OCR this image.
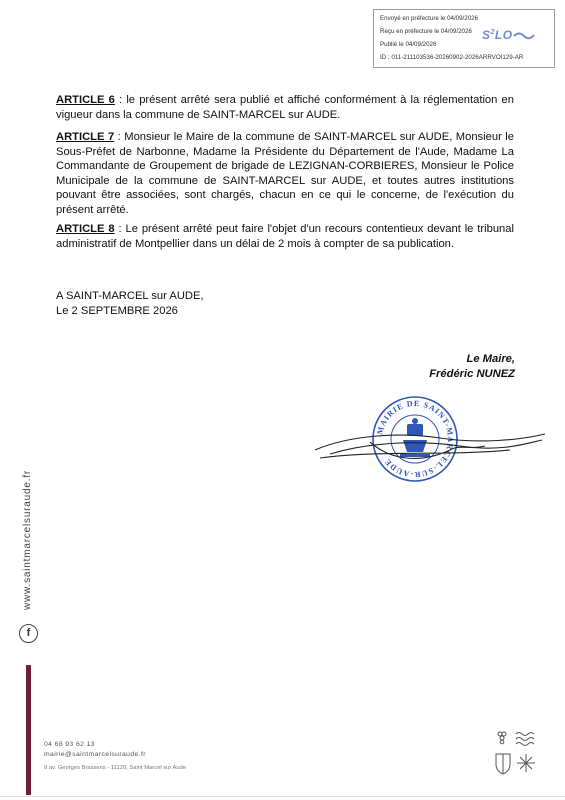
Envoyé en préfecture le 04/09/2026
Reçu en préfecture le 04/09/2026
Publié le 04/09/2026
ID : 011-211103536-20260902-2026ARRVOI129-AR
$S^2LO$
ARTICLE 6 : le présent arrêté sera publié et affiché conformément à la réglementation en vigueur dans la commune de SAINT-MARCEL sur AUDE.
ARTICLE 7 : Monsieur le Maire de la commune de SAINT-MARCEL sur AUDE, Monsieur le Sous-Préfet de Narbonne, Madame la Présidente du Département de l'Aude, Madame La Commandante de Groupement de brigade de LEZIGNAN-CORBIERES, Monsieur le Police Municipale de la commune de SAINT-MARCEL sur AUDE, et toutes autres institutions pouvant être associées, sont chargés, chacun en ce qui le concerne, de l'exécution du présent arrêté.
ARTICLE 8 : Le présent arrêté peut faire l'objet d'un recours contentieux devant le tribunal administratif de Montpellier dans un délai de 2 mois à compter de sa publication.
A SAINT-MARCEL sur AUDE,
Le 2 SEPTEMBRE 2026
Le Maire,
Frédéric NUNEZ
MAIRIE DE SAINT-MARCEL-SUR-AUDE
www.saintmarcelsuraude.fr
f
04 68 93 62 13
mairie@saintmarcelsuraude.fr
9 av. Georges Brassens - 11120, Saint Marcel sur Aude
